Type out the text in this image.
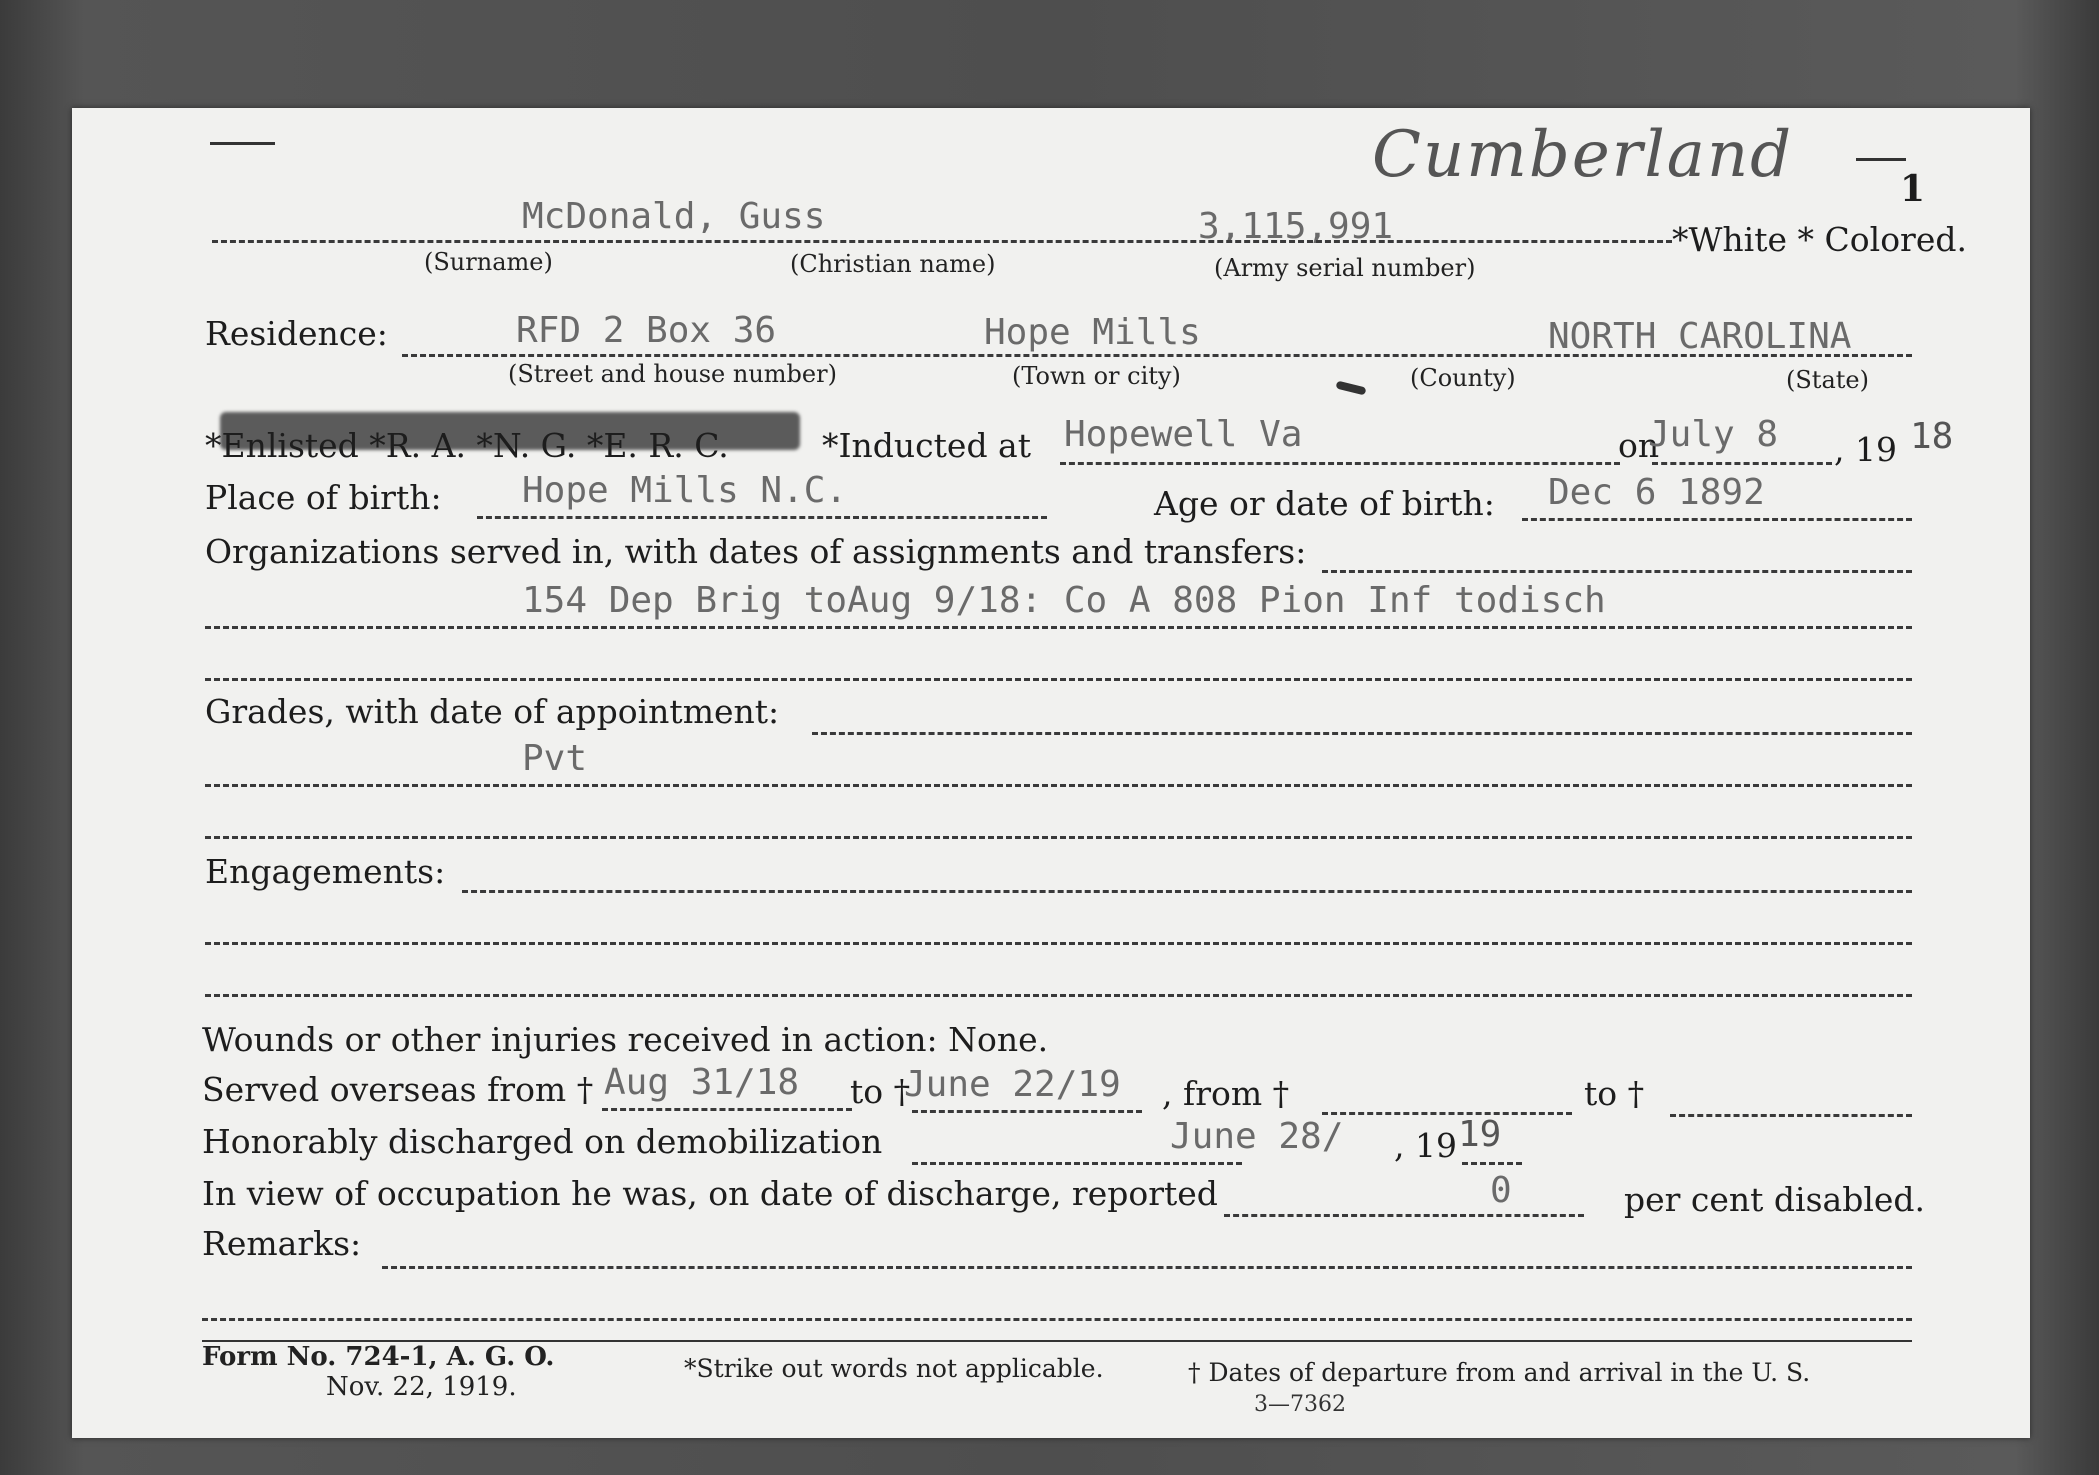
Cumberland	1
McDonald, Guss	3,115,991	*White * Colored.
(Surname)	(Christian name)	(Army serial number)
Residence:	RFD 2 Box 36	Hope Mills	NORTH CAROLINA
(Street and house number)	(Town or city)	(County)	(State)
*Enlisted *R. A. *N. G. *E. R. C.	*Inducted at Hopewell Va	on
July 8 , 19 18
Place of birth: Hope Mills N.C.	Age or date of birth: Dec 6 1892
Organizations served in, with dates of assignments and transfers:
154 Dep Brig toAug 9/18: Co A 808 Pion Inf todisch
Grades, with date of appointment:
Pvt
Engagements:
Wounds or other injuries received in action: None.
Served overseas from † Aug 31/18 to †
June 22/19 , from †	to †
Honorably discharged on demobilization	June 28/ , 19 19
In view of occupation he was, on date of discharge, reported	0	per cent disabled.
Remarks:
Form No. 724-1, A. G. O.
Nov. 22, 1919.
*Strike out words not applicable.	† Dates of departure from and arrival in the U. S.
3—7362
